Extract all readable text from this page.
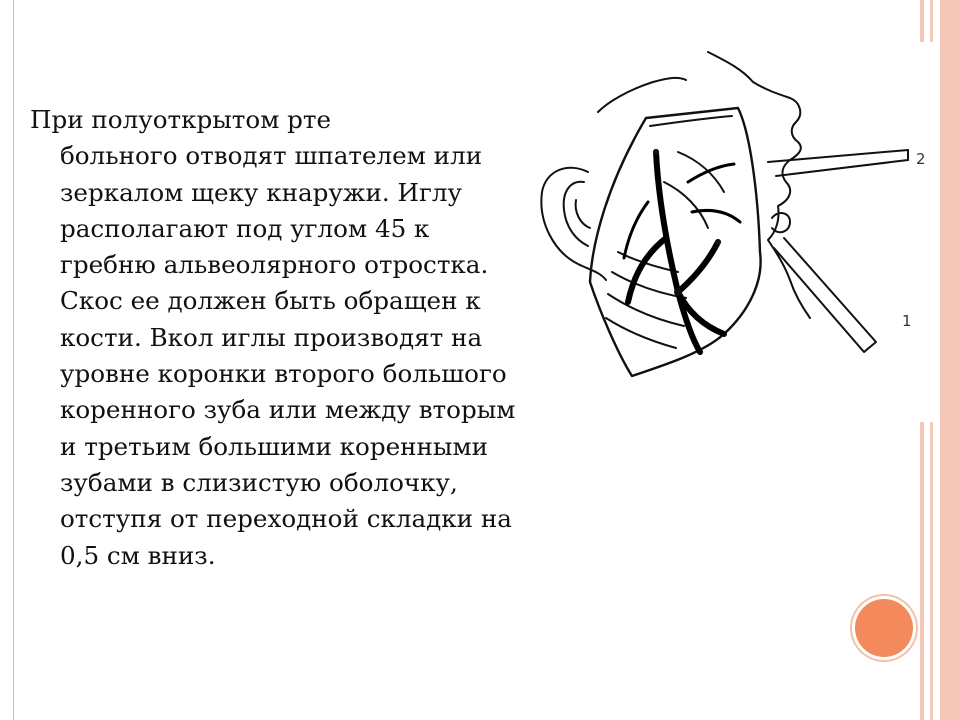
При полуоткрытом рте
больного отводят шпателем или зеркалом щеку кнаружи. Иглу располагают под углом 45 к гребню альвеолярного отростка. Скос ее должен быть обращен к кости. Вкол иглы производят на уровне коронки второго большого коренного зуба или между вторым и третьим большими коренными зубами в слизистую оболочку, отступя от переходной складки на 0,5 см вниз.
2
1
